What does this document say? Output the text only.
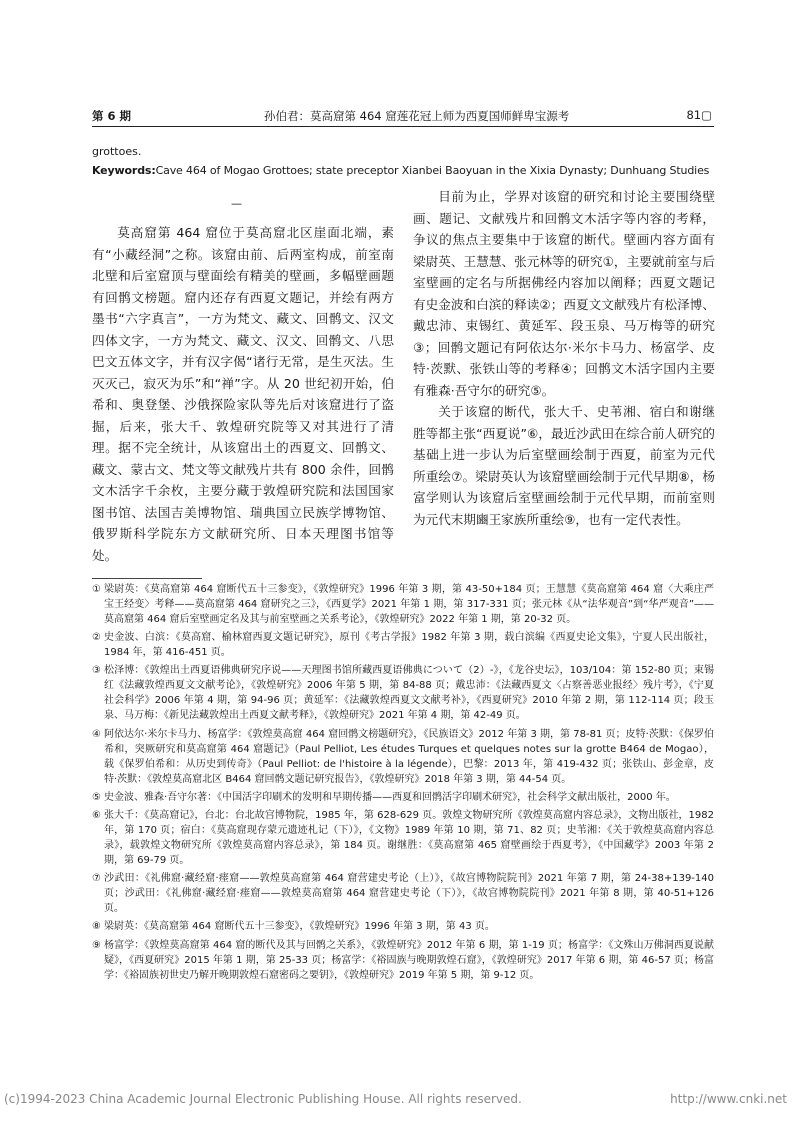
第 6 期	孙伯君：莫高窟第 464 窟莲花冠上师为西夏国师鲜卑宝源考	81▢
grottoes.
Keywords:Cave 464 of Mogao Grottoes; state preceptor Xianbei Baoyuan in the Xixia Dynasty; Dunhuang Studies
—

莫高窟第 464 窟位于莫高窟北区崖面北端，素有“小藏经洞”之称。该窟由前、后两室构成，前室南北壁和后室窟顶与壁面绘有精美的壁画，多幅壁画题有回鹘文榜题。窟内还存有西夏文题记，并绘有两方墨书“六字真言”，一方为梵文、藏文、回鹘文、汉文四体文字，一方为梵文、藏文、汉文、回鹘文、八思巴文五体文字，并有汉字偈“诸行无常，是生灭法。生灭灭己，寂灭为乐”和“禅”字。从 20 世纪初开始，伯希和、奥登堡、沙俄探险家队等先后对该窟进行了盗掘，后来，张大千、敦煌研究院等又对其进行了清理。据不完全统计，从该窟出土的西夏文、回鹘文、藏文、蒙古文、梵文等文献残片共有 800 余件，回鹘文木活字千余枚，主要分藏于敦煌研究院和法国国家图书馆、法国吉美博物馆、瑞典国立民族学博物馆、俄罗斯科学院东方文献研究所、日本天理图书馆等处。

目前为止，学界对该窟的研究和讨论主要围绕壁画、题记、文献残片和回鹘文木活字等内容的考释，争议的焦点主要集中于该窟的断代。壁画内容方面有梁尉英、王慧慧、张元林等的研究①，主要就前室与后室壁画的定名与所据佛经内容加以阐释；西夏文题记有史金波和白滨的释读②；西夏文文献残片有松泽博、戴忠沛、束锡红、黄延军、段玉泉、马万梅等的研究③；回鹘文题记有阿依达尔·米尔卡马力、杨富学、皮特·茨默、张铁山等的考释④；回鹘文木活字国内主要有雅森·吾守尔的研究⑤。

关于该窟的断代，张大千、史苇湘、宿白和谢继胜等都主张“西夏说”⑥，最近沙武田在综合前人研究的基础上进一步认为后室壁画绘制于西夏，前室为元代所重绘⑦。梁尉英认为该窟壁画绘制于元代早期⑧，杨富学则认为该窟后室壁画绘制于元代早期，而前室则为元代末期豳王家族所重绘⑨，也有一定代表性。

① 梁尉英：《莫高窟第 464 窟断代五十三参变》，《敦煌研究》1996 年第 3 期，第 43-50+184 页；王慧慧《莫高窟第 464 窟〈大乘庄严宝王经变〉考释——莫高窟第 464 窟研究之三》，《西夏学》2021 年第 1 期，第 317-331 页；张元林《从“法华观音”到“华严观音”——莫高窟第 464 窟后室壁画定名及其与前室壁画之关系考论》，《敦煌研究》2022 年第 1 期，第 20-32 页。
② 史金波、白滨：《莫高窟、榆林窟西夏文题记研究》，原刊《考古学报》1982 年第 3 期，载白滨编《西夏史论文集》，宁夏人民出版社，1984 年，第 416-451 页。
③ 松泽博：《敦煌出土西夏语佛典研究序说——天理图书馆所藏西夏语佛典について（2）-》，《龙谷史坛》，103/104：第 152-80 页；束锡红《法藏敦煌西夏文文献考论》，《敦煌研究》2006 年第 5 期，第 84-88 页；戴忠沛：《法藏西夏文〈占察善恶业报经〉残片考》，《宁夏社会科学》2006 年第 4 期，第 94-96 页；黄延军：《法藏敦煌西夏文文献考补》，《西夏研究》2010 年第 2 期，第 112-114 页；段玉泉、马万梅：《新见法藏敦煌出土西夏文献考释》，《敦煌研究》2021 年第 4 期，第 42-49 页。
④ 阿依达尔·米尔卡马力、杨富学：《敦煌莫高窟 464 窟回鹘文榜题研究》，《民族语文》2012 年第 3 期，第 78-81 页；皮特·茨默：《保罗伯希和，突厥研究和莫高窟第 464 窟题记》（Paul Pelliot, Les études Turques et quelques notes sur la grotte B464 de Mogao），载《保罗伯希和：从历史到传奇》（Paul Pelliot: de l'histoire à la légende），巴黎：2013 年，第 419-432 页；张铁山、彭金章，皮特·茨默：《敦煌莫高窟北区 B464 窟回鹘文题记研究报告》，《敦煌研究》2018 年第 3 期，第 44-54 页。
⑤ 史金波、雅森·吾守尔著：《中国活字印刷术的发明和早期传播——西夏和回鹘活字印刷术研究》，社会科学文献出版社，2000 年。
⑥ 张大千：《莫高窟记》，台北：台北故宫博物院，1985 年，第 628-629 页。敦煌文物研究所《敦煌莫高窟内容总录》，文物出版社，1982 年，第 170 页；宿白：《莫高窟现存蒙元遗迹札记（下）》，《文物》1989 年第 10 期，第 71、82 页；史苇湘：《关于敦煌莫高窟内容总录》，载敦煌文物研究所《敦煌莫高窟内容总录》，第 184 页。谢继胜：《莫高窟第 465 窟壁画绘于西夏考》，《中国藏学》2003 年第 2 期，第 69-79 页。
⑦ 沙武田：《礼佛窟·藏经窟·瘗窟——敦煌莫高窟第 464 窟营建史考论（上）》，《故宫博物院院刊》2021 年第 7 期，第 24-38+139-140 页；沙武田：《礼佛窟·藏经窟·瘗窟——敦煌莫高窟第 464 窟营建史考论（下）》，《故宫博物院院刊》2021 年第 8 期，第 40-51+126 页。
⑧ 梁尉英：《莫高窟第 464 窟断代五十三参变》，《敦煌研究》1996 年第 3 期，第 43 页。
⑨ 杨富学：《敦煌莫高窟第 464 窟的断代及其与回鹘之关系》，《敦煌研究》2012 年第 6 期，第 1-19 页；杨富学：《文殊山万佛洞西夏说献疑》，《西夏研究》2015 年第 1 期，第 25-33 页；杨富学：《裕固族与晚期敦煌石窟》，《敦煌研究》2017 年第 6 期，第 46-57 页；杨富学：《裕固族初世史乃解开晚期敦煌石窟密码之要钥》，《敦煌研究》2019 年第 5 期，第 9-12 页。
(c)1994-2023 China Academic Journal Electronic Publishing House. All rights reserved.	http://www.cnki.net
